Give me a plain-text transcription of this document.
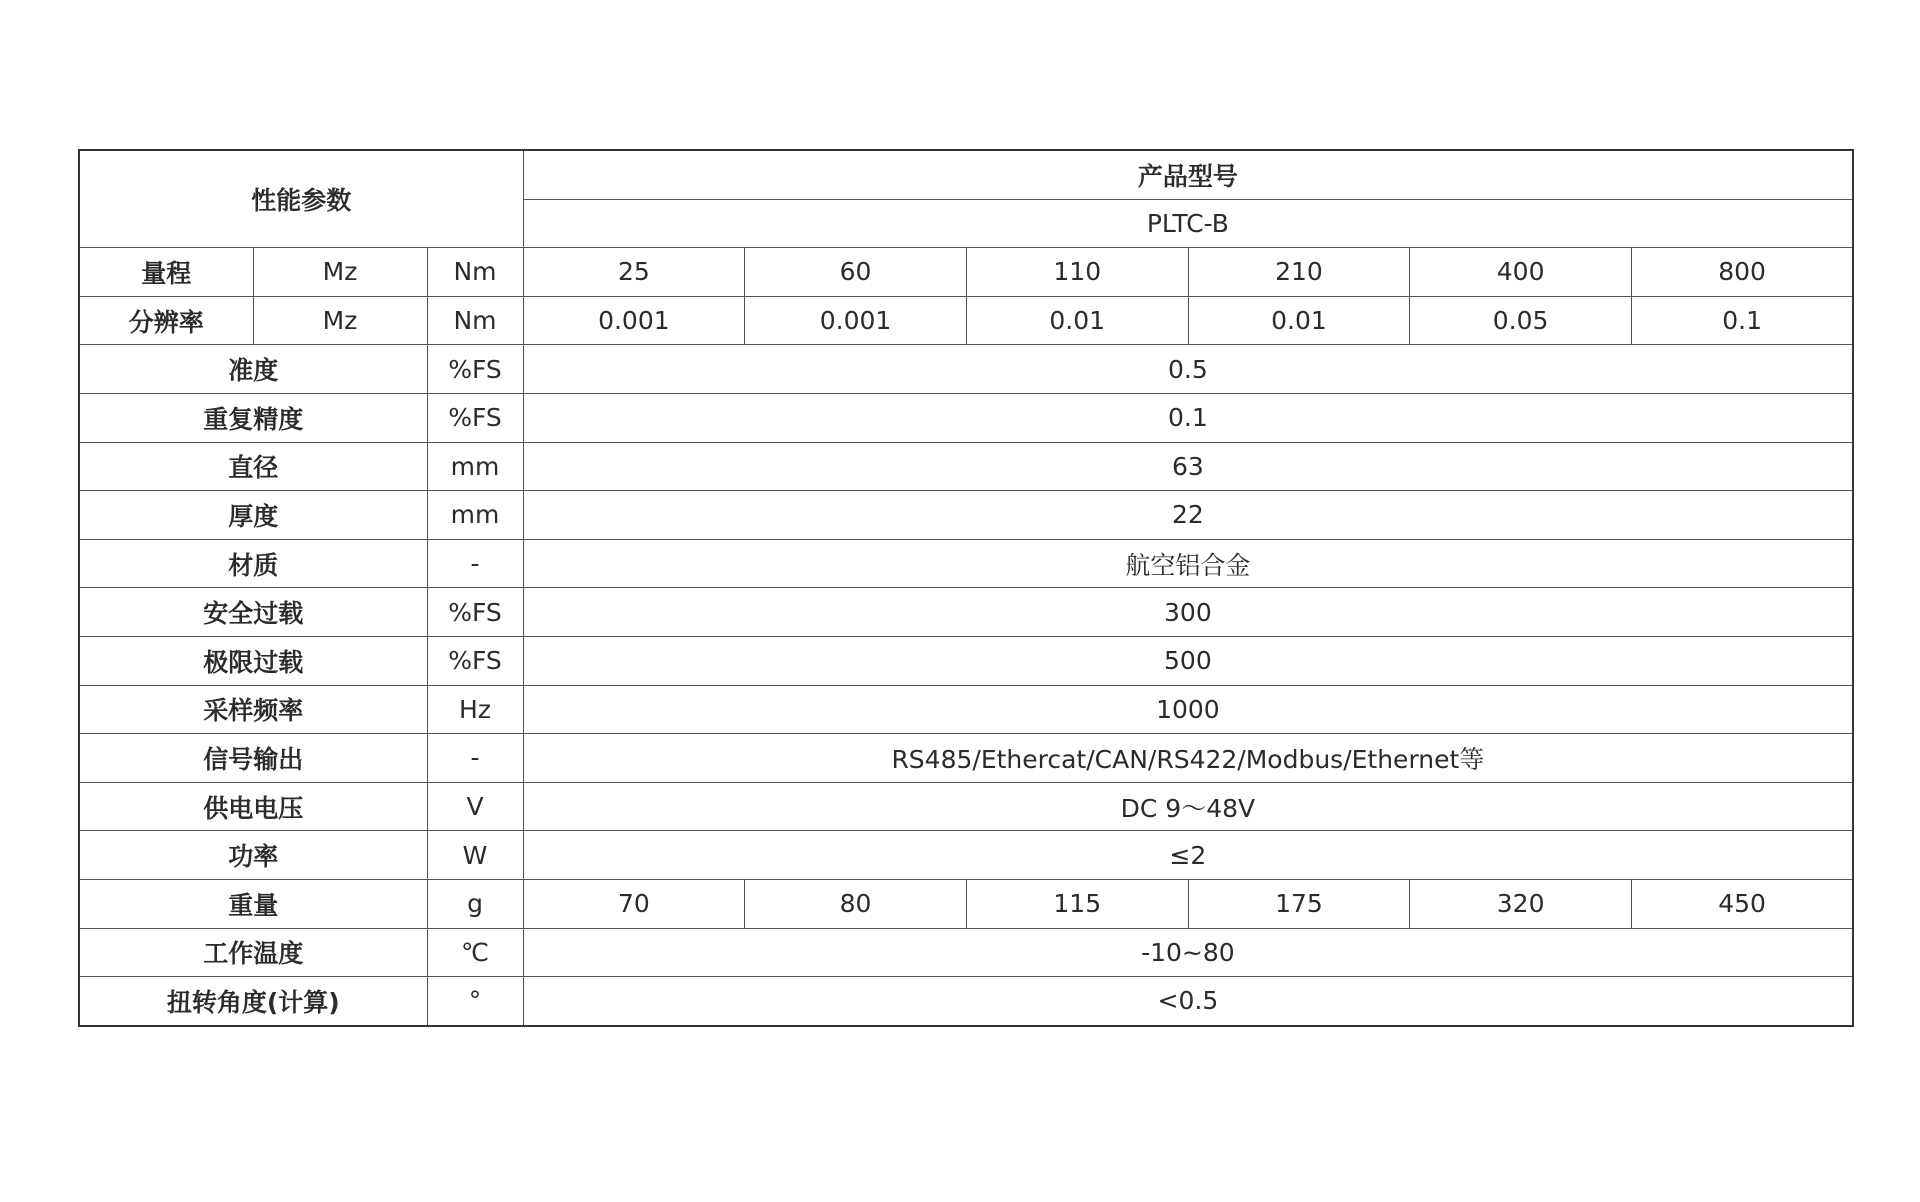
性能参数			产品型号					
			PLTC-B					
量程	Mz	Nm	25	60	110	210	400	800
分辨率	Mz	Nm	0.001	0.001	0.01	0.01	0.05	0.1
准度		%FS	0.5					
重复精度		%FS	0.1					
直径		mm	63					
厚度		mm	22					
材质		-	航空铝合金					
安全过载		%FS	300					
极限过载		%FS	500					
采样频率		Hz	1000					
信号输出		-	RS485/Ethercat/CAN/RS422/Modbus/Ethernet等					
供电电压		V	DC 9～48V					
功率		W	≤2					
重量		g	70	80	115	175	320	450
工作温度		℃	-10~80					
扭转角度(计算)		°	<0.5					
